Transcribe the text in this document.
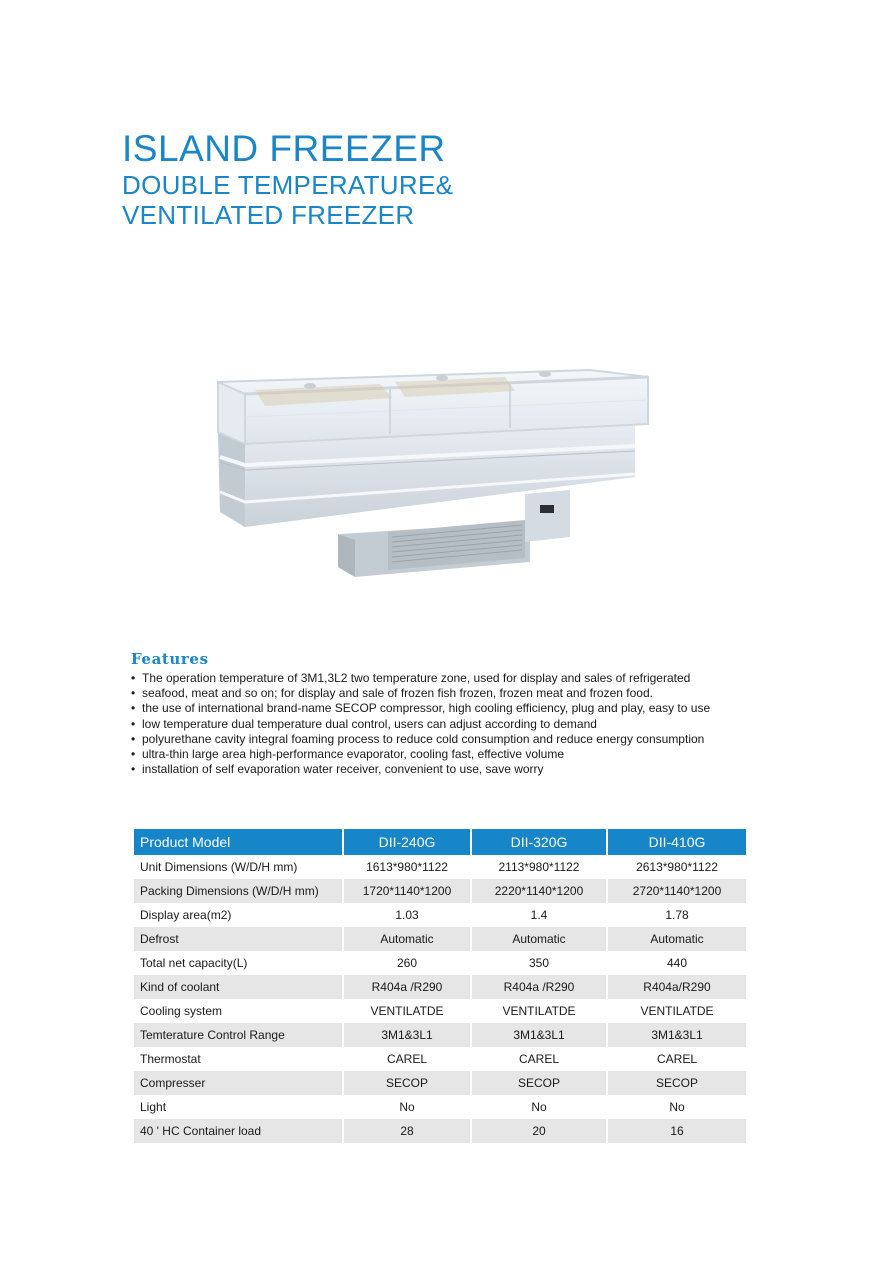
ISLAND FREEZER
DOUBLE TEMPERATURE&
VENTILATED FREEZER
Features
• The operation temperature of 3M1,3L2 two temperature zone, used for display and sales of refrigerated
• seafood, meat and so on; for display and sale of frozen fish frozen, frozen meat and frozen food.
• the use of international brand-name SECOP compressor, high cooling efficiency, plug and play, easy to use
• low temperature dual temperature dual control, users can adjust according to demand
• polyurethane cavity integral foaming process to reduce cold consumption and reduce energy consumption
• ultra-thin large area high-performance evaporator, cooling fast, effective volume
• installation of self evaporation water receiver, convenient to use, save worry
Product Model	DII-240G	DII-320G	DII-410G
Unit Dimensions (W/D/H mm)	1613*980*1122	2113*980*1122	2613*980*1122
Packing Dimensions (W/D/H mm)	1720*1140*1200	2220*1140*1200	2720*1140*1200
Display area(m2)	1.03	1.4	1.78
Defrost	Automatic	Automatic	Automatic
Total net capacity(L)	260	350	440
Kind of coolant	R404a /R290	R404a /R290	R404a/R290
Cooling system	VENTILATDE	VENTILATDE	VENTILATDE
Temterature Control Range	3M1&3L1	3M1&3L1	3M1&3L1
Thermostat	CAREL	CAREL	CAREL
Compresser	SECOP	SECOP	SECOP
Light	No	No	No
40 ' HC Container load	28	20	16
